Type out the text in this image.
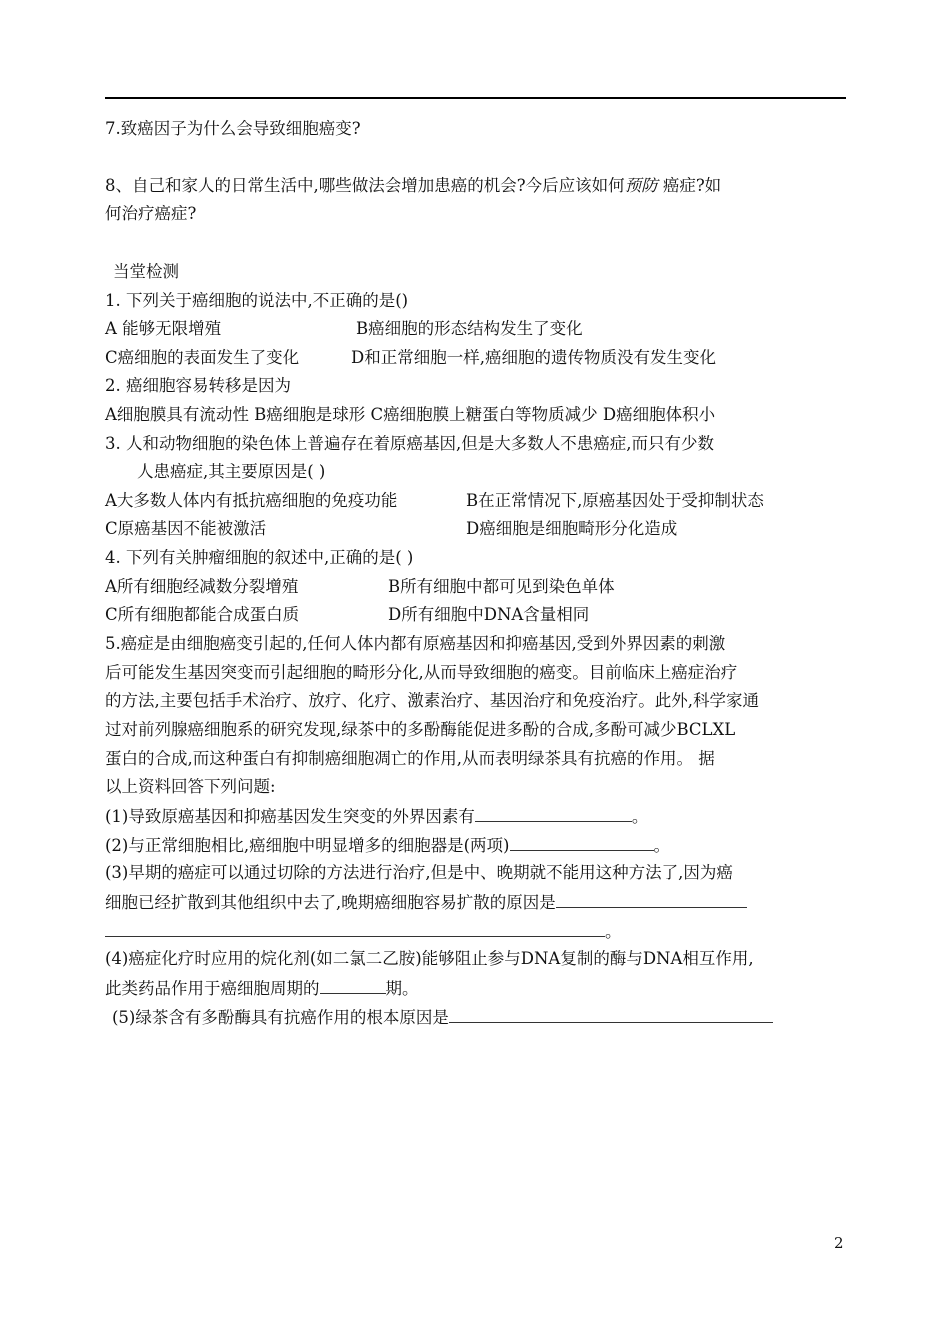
7.致癌因子为什么会导致细胞癌变?
8、自己和家人的日常生活中,哪些做法会增加患癌的机会?今后应该如何预防 癌症?如
何治疗癌症?
当堂检测
1. 下列关于癌细胞的说法中,不正确的是()
A 能够无限增殖	B癌细胞的形态结构发生了变化
C癌细胞的表面发生了变化	D和正常细胞一样,癌细胞的遗传物质没有发生变化
2. 癌细胞容易转移是因为
A细胞膜具有流动性 B癌细胞是球形 C癌细胞膜上糖蛋白等物质减少 D癌细胞体积小
3. 人和动物细胞的染色体上普遍存在着原癌基因,但是大多数人不患癌症,而只有少数
人患癌症,其主要原因是( )
A大多数人体内有抵抗癌细胞的免疫功能	B在正常情况下,原癌基因处于受抑制状态
C原癌基因不能被激活	D癌细胞是细胞畸形分化造成
4. 下列有关肿瘤细胞的叙述中,正确的是( )
A所有细胞经减数分裂增殖	B所有细胞中都可见到染色单体
C所有细胞都能合成蛋白质	D所有细胞中DNA含量相同
5.癌症是由细胞癌变引起的,任何人体内都有原癌基因和抑癌基因,受到外界因素的刺激
后可能发生基因突变而引起细胞的畸形分化,从而导致细胞的癌变。目前临床上癌症治疗
的方法,主要包括手术治疗、放疗、化疗、激素治疗、基因治疗和免疫治疗。此外,科学家通
过对前列腺癌细胞系的研究发现,绿茶中的多酚酶能促进多酚的合成,多酚可减少BCLXL
蛋白的合成,而这种蛋白有抑制癌细胞凋亡的作用,从而表明绿茶具有抗癌的作用。 据
以上资料回答下列问题:
(1)导致原癌基因和抑癌基因发生突变的外界因素有	。
(2)与正常细胞相比,癌细胞中明显增多的细胞器是(两项)	。
(3)早期的癌症可以通过切除的方法进行治疗,但是中、晚期就不能用这种方法了,因为癌
细胞已经扩散到其他组织中去了,晚期癌细胞容易扩散的原因是
。
(4)癌症化疗时应用的烷化剂(如二氯二乙胺)能够阻止参与DNA复制的酶与DNA相互作用,
此类药品作用于癌细胞周期的	期。
(5)绿茶含有多酚酶具有抗癌作用的根本原因是
2
